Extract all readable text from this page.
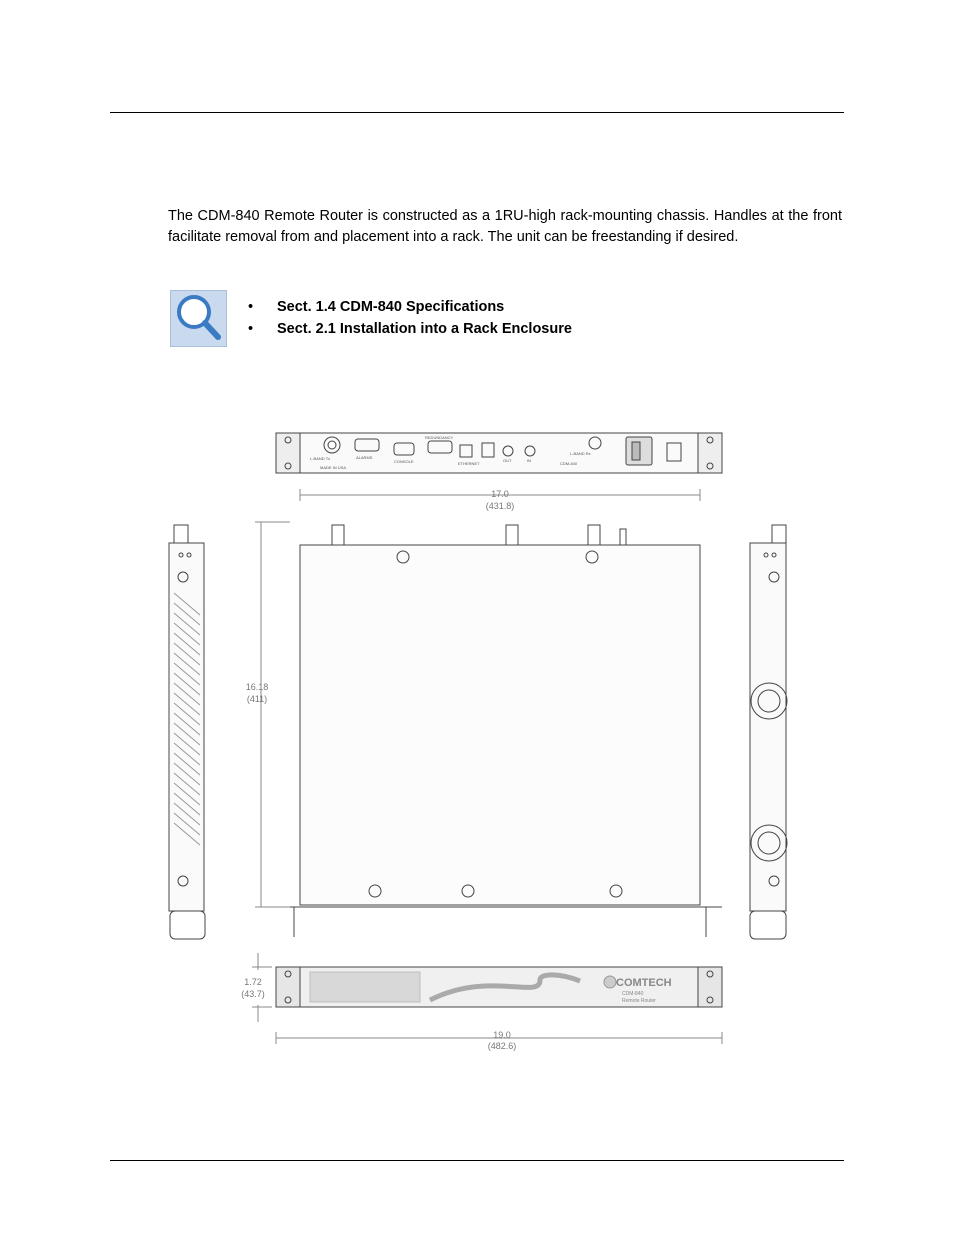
The CDM-840 Remote Router is constructed as a 1RU-high rack-mounting chassis. Handles at the front facilitate removal from and placement into a rack. The unit can be freestanding if desired.

• Sect. 1.4 CDM-840 Specifications
• Sect. 2.1 Installation into a Rack Enclosure
L-BAND Tx	ALARMS
CONSOLE
REDUNDANCY
ETHERNET
OUT	IN
L-BAND Rx
CDM-840
MADE IN USA
17.0
(431.8)
16.18
(411)
COMTECH
CDM-840
Remote Router
1.72
(43.7)
19.0
(482.6)
